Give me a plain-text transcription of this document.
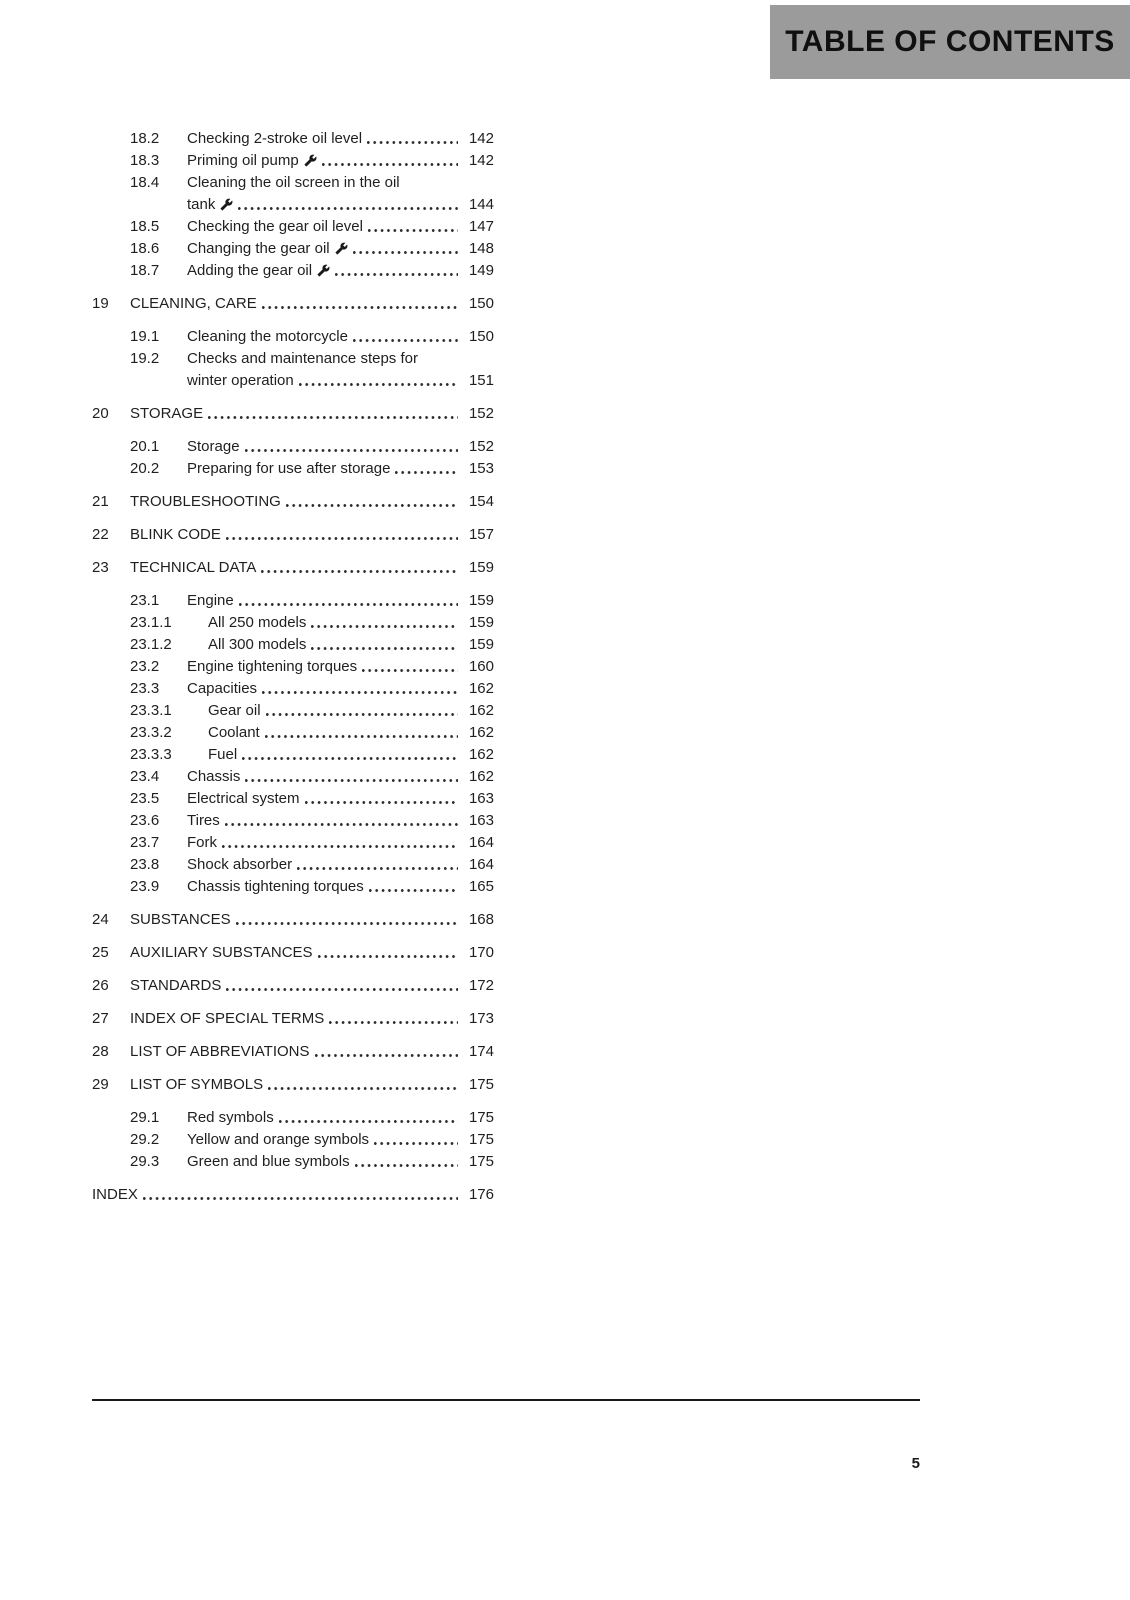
TABLE OF CONTENTS
18.2	Checking 2-stroke oil level	142
18.3	Priming oil pump	142
18.4	Cleaning the oil screen in the oil
tank	144
18.5	Checking the gear oil level	147
18.6	Changing the gear oil	148
18.7	Adding the gear oil	149
19	CLEANING, CARE	150
19.1	Cleaning the motorcycle	150
19.2	Checks and maintenance steps for
winter operation	151
20	STORAGE	152
20.1	Storage	152
20.2	Preparing for use after storage	153
21	TROUBLESHOOTING	154
22	BLINK CODE	157
23	TECHNICAL DATA	159
23.1	Engine	159
23.1.1	All 250 models	159
23.1.2	All 300 models	159
23.2	Engine tightening torques	160
23.3	Capacities	162
23.3.1	Gear oil	162
23.3.2	Coolant	162
23.3.3	Fuel	162
23.4	Chassis	162
23.5	Electrical system	163
23.6	Tires	163
23.7	Fork	164
23.8	Shock absorber	164
23.9	Chassis tightening torques	165
24	SUBSTANCES	168
25	AUXILIARY SUBSTANCES	170
26	STANDARDS	172
27	INDEX OF SPECIAL TERMS	173
28	LIST OF ABBREVIATIONS	174
29	LIST OF SYMBOLS	175
29.1	Red symbols	175
29.2	Yellow and orange symbols	175
29.3	Green and blue symbols	175
INDEX	176
5
